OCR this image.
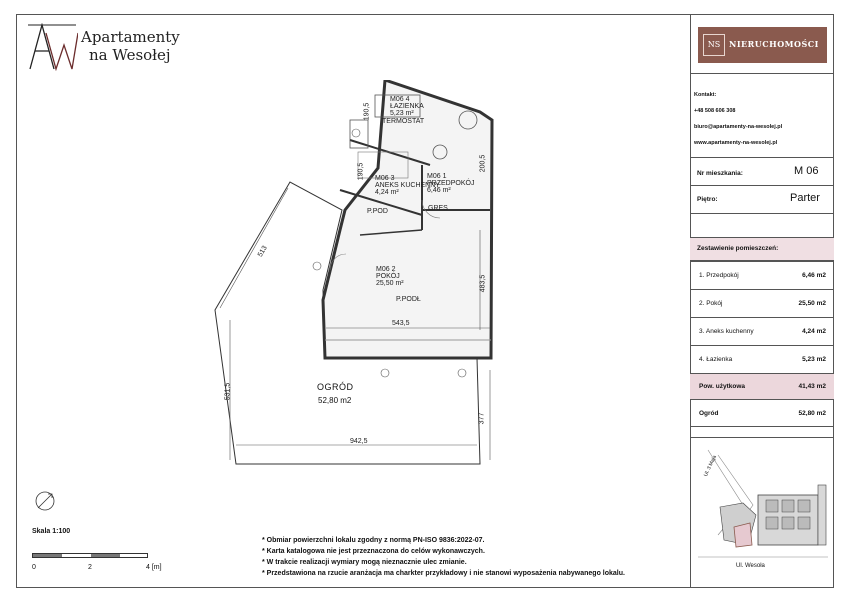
Apartamenty
na Wesołej
M06 4
ŁAZIENKA
5,23 m²
TERMOSTAT
M06 1
PRZEDPOKÓJ
6,46 m²
GRES
M06 3
ANEKS KUCHENNY
4,24 m²
P.POD
M06 2
POKÓJ
25,50 m²
P.PODŁ
190,5
190,5
513
483,5
543,5
531,5
377
942,5
200,5
OGRÓD
52,80 m2
Skala 1:100
0	2	4 [m]
* Obmiar powierzchni lokalu zgodny z normą PN-ISO 9836:2022-07.
* Karta katalogowa nie jest przeznaczona do celów wykonawczych.
* W trakcie realizacji wymiary mogą nieznacznie ulec zmianie.
* Przedstawiona na rzucie aranżacja ma charkter przykładowy i nie stanowi wyposażenia nabywanego lokalu.
NS	NIERUCHOMOŚCI
Kontakt:
+48 508 606 308
biuro@apartamenty-na-wesolej.pl
www.apartamenty-na-wesolej.pl
Nr mieszkania:	M 06
Piętro:	Parter
Zestawienie pomieszczeń:
1. Przedpokój	6,46 m2
2. Pokój	25,50 m2
3. Aneks kuchenny	4,24 m2
4. Łazienka	5,23 m2
Pow. użytkowa	41,43 m2
Ogród	52,80 m2
Ul. Wesoła
Ul. 3 Maja
